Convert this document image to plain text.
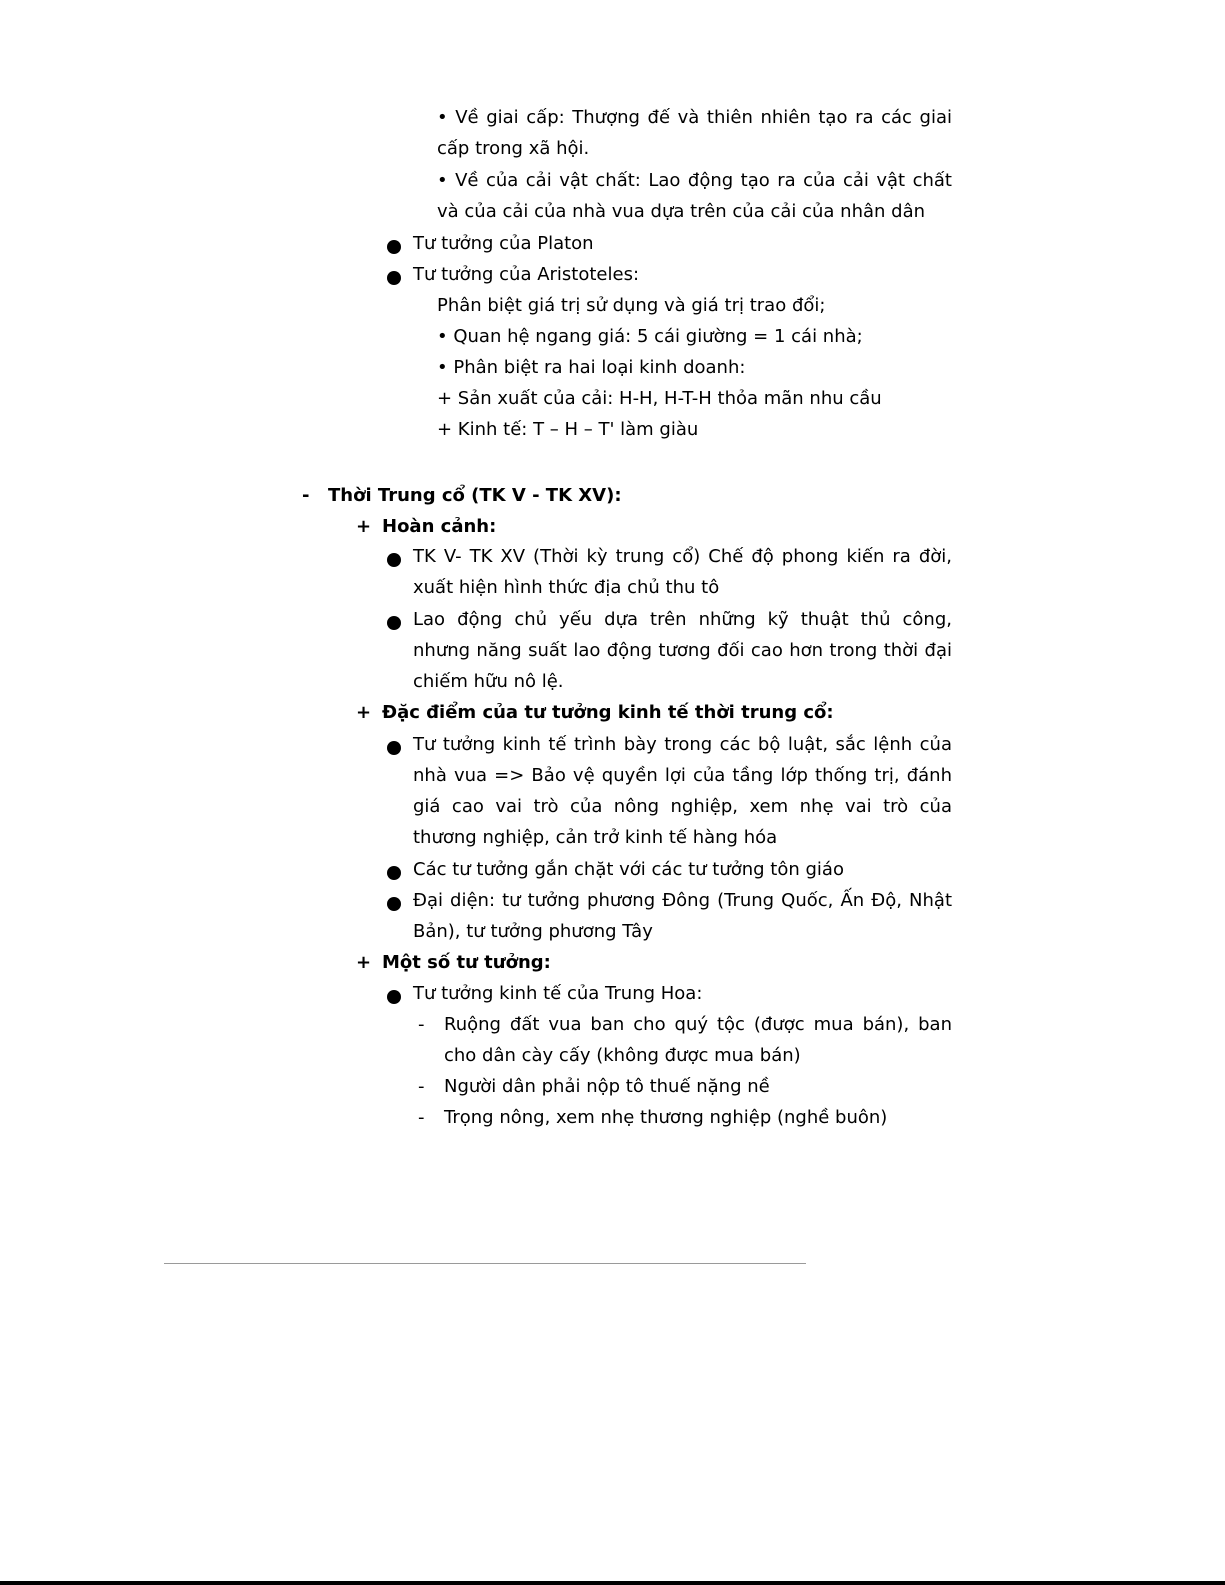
• Về giai cấp: Thượng đế và thiên nhiên tạo ra các giai
cấp trong xã hội.
• Về của cải vật chất: Lao động tạo ra của cải vật chất
và của cải của nhà vua dựa trên của cải của nhân dân
Tư tưởng của Platon
Tư tưởng của Aristoteles:
Phân biệt giá trị sử dụng và giá trị trao đổi;
• Quan hệ ngang giá: 5 cái giường = 1 cái nhà;
• Phân biệt ra hai loại kinh doanh:
+ Sản xuất của cải: H-H, H-T-H thỏa mãn nhu cầu
+ Kinh tế: T – H – T' làm giàu
- Thời Trung cổ (TK V - TK XV):
+ Hoàn cảnh:
TK V- TK XV (Thời kỳ trung cổ) Chế độ phong kiến ra đời,
xuất hiện hình thức địa chủ thu tô
Lao động chủ yếu dựa trên những kỹ thuật thủ công,
nhưng năng suất lao động tương đối cao hơn trong thời đại
chiếm hữu nô lệ.
+ Đặc điểm của tư tưởng kinh tế thời trung cổ:
Tư tưởng kinh tế trình bày trong các bộ luật, sắc lệnh của
nhà vua => Bảo vệ quyền lợi của tầng lớp thống trị, đánh
giá cao vai trò của nông nghiệp, xem nhẹ vai trò của
thương nghiệp, cản trở kinh tế hàng hóa
Các tư tưởng gắn chặt với các tư tưởng tôn giáo
Đại diện: tư tưởng phương Đông (Trung Quốc, Ấn Độ, Nhật
Bản), tư tưởng phương Tây
+ Một số tư tưởng:
Tư tưởng kinh tế của Trung Hoa:
- Ruộng đất vua ban cho quý tộc (được mua bán), ban
cho dân cày cấy (không được mua bán)
- Người dân phải nộp tô thuế nặng nề
- Trọng nông, xem nhẹ thương nghiệp (nghề buôn)
